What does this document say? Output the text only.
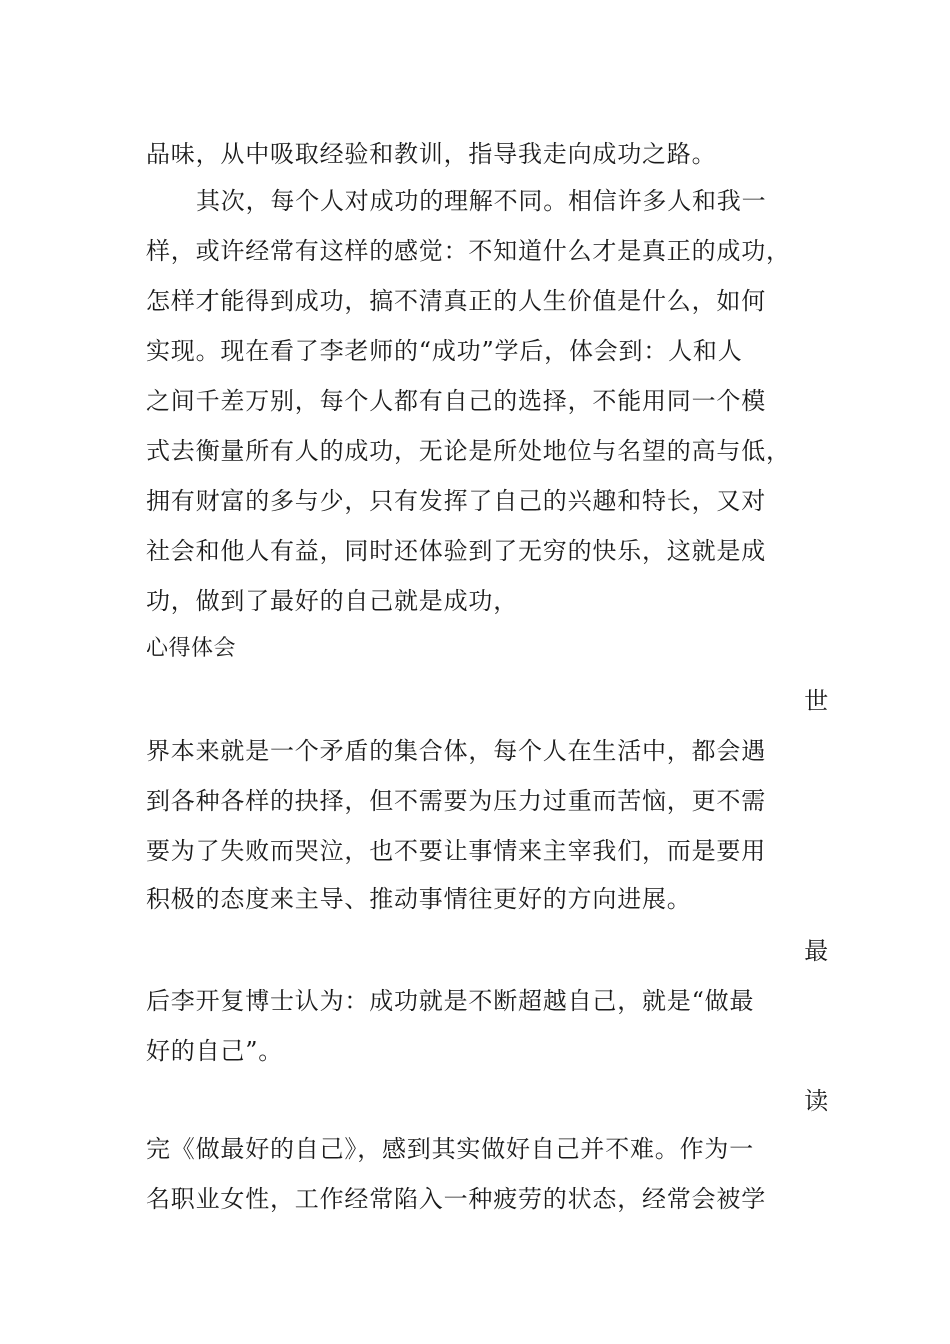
品味，从中吸取经验和教训，指导我走向成功之路。
其次，每个人对成功的理解不同。相信许多人和我一
样，或许经常有这样的感觉：不知道什么才是真正的成功，
怎样才能得到成功，搞不清真正的人生价值是什么，如何
实现。现在看了李老师的“成功”学后，体会到：人和人
之间千差万别，每个人都有自己的选择，不能用同一个模
式去衡量所有人的成功，无论是所处地位与名望的高与低，
拥有财富的多与少，只有发挥了自己的兴趣和特长，又对
社会和他人有益，同时还体验到了无穷的快乐，这就是成
功，做到了最好的自己就是成功，
心得体会
世
界本来就是一个矛盾的集合体，每个人在生活中，都会遇
到各种各样的抉择，但不需要为压力过重而苦恼，更不需
要为了失败而哭泣，也不要让事情来主宰我们，而是要用
积极的态度来主导、推动事情往更好的方向进展。
最
后李开复博士认为：成功就是不断超越自己，就是“做最
好的自己”。
读
完《做最好的自己》，感到其实做好自己并不难。作为一
名职业女性，工作经常陷入一种疲劳的状态，经常会被学
